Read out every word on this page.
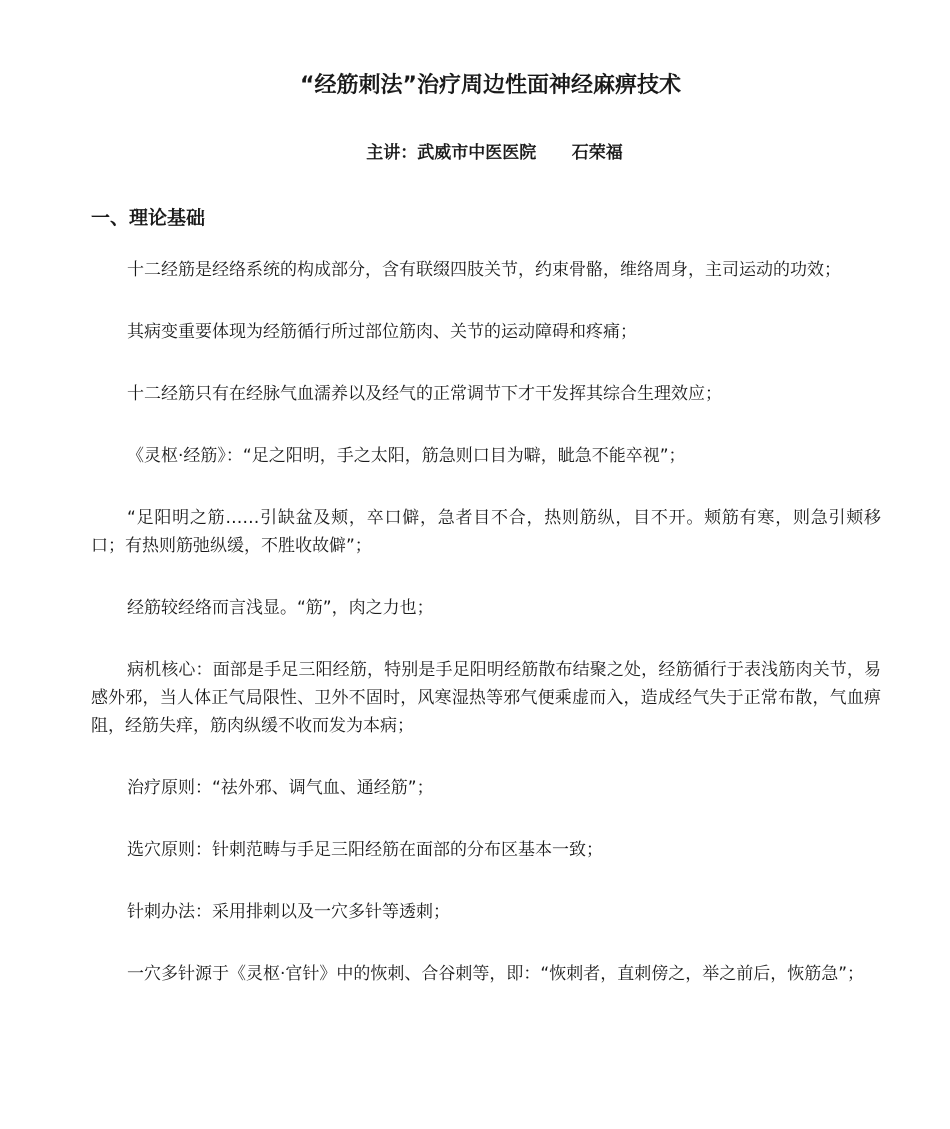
“经筋刺法”治疗周边性面神经麻痹技术
主讲：武威市中医医院      石荣福
一、理论基础

十二经筋是经络系统的构成部分，含有联缀四肢关节，约束骨骼，维络周身，主司运动的功效；

其病变重要体现为经筋循行所过部位筋肉、关节的运动障碍和疼痛；

十二经筋只有在经脉气血濡养以及经气的正常调节下才干发挥其综合生理效应；

《灵枢·经筋》：“足之阳明，手之太阳，筋急则口目为噼，眦急不能卒视”；

“足阳明之筋……引缺盆及颊，卒口僻，急者目不合，热则筋纵，目不开。颊筋有寒，则急引颊移口；有热则筋弛纵缓，不胜收故僻”；

经筋较经络而言浅显。“筋”，肉之力也；

病机核心：面部是手足三阳经筋，特别是手足阳明经筋散布结聚之处，经筋循行于表浅筋肉关节，易感外邪，当人体正气局限性、卫外不固时，风寒湿热等邪气便乘虚而入，造成经气失于正常布散，气血痹阻，经筋失痒，筋肉纵缓不收而发为本病；

治疗原则：“祛外邪、调气血、通经筋”；

选穴原则：针刺范畴与手足三阳经筋在面部的分布区基本一致；

针刺办法：采用排刺以及一穴多针等透刺；

一穴多针源于《灵枢·官针》中的恢刺、合谷刺等，即：“恢刺者，直刺傍之，举之前后，恢筋急”；
